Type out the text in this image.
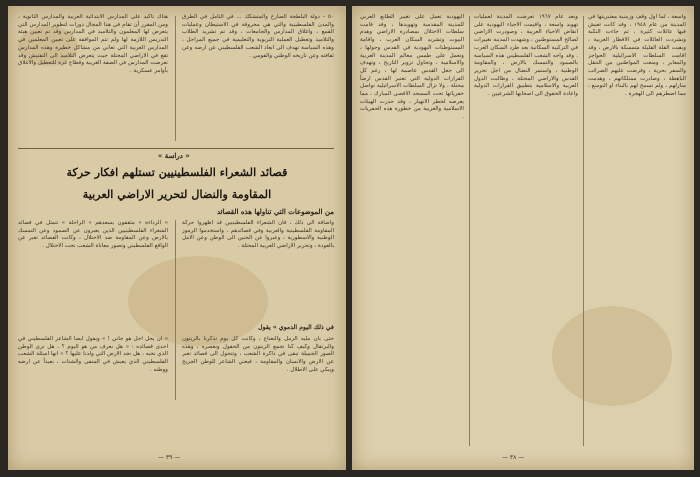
هناك تأكيد على المدارس الابتدائية العربية والمدارس الثانوية ، ومن المقرر أن تقام في هذا المجال دورات لتطوير المدارس التي يتعرض لها المعلمون والتلاميذ في المدارس وقد تم تعيين هيئة التدريس اللازمة لها ولم تتم الموافقة على تعيين المعلمين في المدارس العربية التي تعاني من مشاكل خطيرة وهذه المدارس تقع في الاراضي المحتلة حيث يتعرض التلاميذ الى التفتيش وقد تعرضت المدارس في الضفة الغربية وقطاع غزة للتعطيل والاغلاق بأوامر عسكرية .

٥٠ – دولة البلطجة الصارخ والمتشكك ... في التأمل في الطرق والمدن الفلسطينية والتي هي محروقة في الاستيطان وعمليات القمع ، واغلاق المدارس والجامعات ، وقد تم تشريد الطلاب والتلاميذ وتعطيل العملية التربوية والتعليمية في جميع المراحل ، وهذه السياسة تهدف الى ابعاد الشعب الفلسطيني عن ارضه وعن ثقافته وعن تاريخه الوطني والقومي .

« دراسة »
قصائد الشعراء الفلسطينيين تستلهم افكار حركة
المقاومة والنضال لتحرير الاراضي العربية
من الموضوعات التي تناولها هذه القصائد

« الرداءة » مثقفون يسعدهم « الراحلة » تتمثل في قصائد الشعراء الفلسطينيين الذين يعبرون عن الصمود وعن التمسك بالارض وعن المقاومة ضد الاحتلال ، وكانت القصائد تعبر عن الواقع الفلسطيني وتصور معاناة الشعب تحت الاحتلال .

واضافة الى ذلك ، فان الشعراء الفلسطينيين قد اظهروا حركة المقاومة الفلسطينية والعربية وفي قصائدهم ، واستخدموا الرموز الوطنية والاسطورية ، وعبروا عن الحنين الى الوطن وعن الامل بالعودة ، وتحرير الاراضي العربية المحتلة .

في ذلك اليوم الدموي » يقول

« ان يحل اجل هو جاني ! » ويقول ايضاً الشاعر الفلسطيني في احدى قصائده : « هل نعرف من هو اليوم ؟ ، هل نرى الوطن الذي نحبه ، هل نجد الارض التي ولدنا عليها ؟ » انها اسئلة الشعب الفلسطيني الذي يعيش في المنفى والشتات ، بعيداً عن ارضه ووطنه .

حتى بان مليه الرمل والنعناع ، وكانت كل يوم تذكرنا بالزيتون والبرتقال وكيف كنا نجمع الزيتون من الحقول ونعصره ، وهذه الصور الجميلة تبقى في ذاكرة الشعب ، وتتحول الى قصائد تعبر عن الارض والانسان والمقاومة ، فيغني الشاعر للوطن الجريح ويبكي على الاطلال .

— ٣٩ —

اليهودية تعمل على تغيير الطابع العربي للمدينة المقدسة وتهويدها ، وقد قامت سلطات الاحتلال بمصادرة الاراضي وهدم البيوت وتشريد السكان العرب ، واقامة المستوطنات اليهودية في القدس وحولها ، وتعمل على طمس معالم المدينة العربية والاسلامية ، وتحاول تزوير التاريخ ، وتهدف الى جعل القدس عاصمة لها ، رغم كل القرارات الدولية التي تعتبر القدس ارضاً محتلة . ولا تزال السلطات الاسرائيلية تواصل حفرياتها تحت المسجد الاقصى المبارك ، مما يعرضه لخطر الانهيار ، وقد حذرت الهيئات الاسلامية والعربية من خطورة هذه الحفريات .

وبعد عام ١٩٦٧ تعرضت المدينة لعمليات تهويد واسعة ، واقيمت الاحياء اليهودية على انقاض الاحياء العربية ، وصودرت الاراضي لصالح المستوطنين ، وشهدت المدينة تغييرات في التركيبة السكانية بعد طرد السكان العرب . وقد واجه الشعب الفلسطيني هذه السياسة بالصمود والتمسك بالارض ، والمقاومة الوطنية ، واستمر النضال من اجل تحرير القدس والاراضي المحتلة ، وطالبت الدول العربية والاسلامية بتطبيق القرارات الدولية واعادة الحقوق الى اصحابها الشرعيين .

واسعة ، لما اول وقف وزمنية معتبريتها في المدينة من عام ١٩٤٨ ، وقد كانت تعيش فيها عائلات كثيرة ، ثم جاءت النكبة وتشردت العائلات في الاقطار العربية ، وبقيت القلة القليلة متمسكة بالارض ، وقد اقامت السلطات الاسرائيلية الحواجز والمعابر ، ومنعت المواطنين من التنقل والسفر بحرية ، وفرضت عليهم الضرائب الباهظة ، وصادرت ممتلكاتهم ، وهدمت منازلهم ، ولم تسمح لهم بالبناء او التوسع ، مما اضطرهم الى الهجرة .

— ٣٨ —
